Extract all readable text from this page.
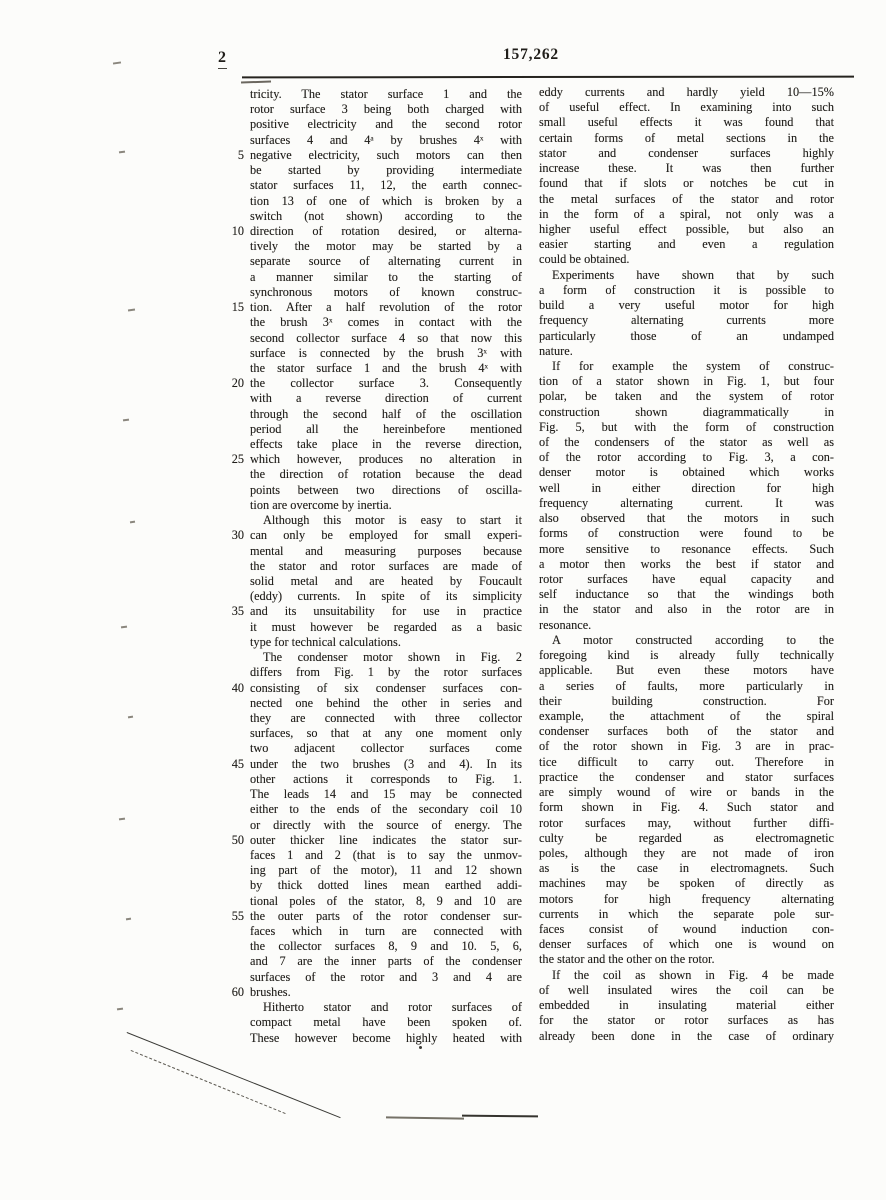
2	157,262
tricity. The stator surface 1 and the
rotor surface 3 being both charged with
positive electricity and the second rotor
surfaces 4 and 4ᵃ by brushes 4ˣ with
5 negative electricity, such motors can then
be started by providing intermediate
stator surfaces 11, 12, the earth connec-
tion 13 of one of which is broken by a
switch (not shown) according to the
10 direction of rotation desired, or alterna-
tively the motor may be started by a
separate source of alternating current in
a manner similar to the starting of
synchronous motors of known construc-
15 tion. After a half revolution of the rotor
the brush 3ˣ comes in contact with the
second collector surface 4 so that now this
surface is connected by the brush 3ˣ with
the stator surface 1 and the brush 4ˣ with
20 the collector surface 3. Consequently
with a reverse direction of current
through the second half of the oscillation
period all the hereinbefore mentioned
effects take place in the reverse direction,
25 which however, produces no alteration in
the direction of rotation because the dead
points between two directions of oscilla-
tion are overcome by inertia.
Although this motor is easy to start it
30 can only be employed for small experi-
mental and measuring purposes because
the stator and rotor surfaces are made of
solid metal and are heated by Foucault
(eddy) currents. In spite of its simplicity
35 and its unsuitability for use in practice
it must however be regarded as a basic
type for technical calculations.
The condenser motor shown in Fig. 2
differs from Fig. 1 by the rotor surfaces
40 consisting of six condenser surfaces con-
nected one behind the other in series and
they are connected with three collector
surfaces, so that at any one moment only
two adjacent collector surfaces come
45 under the two brushes (3 and 4). In its
other actions it corresponds to Fig. 1.
The leads 14 and 15 may be connected
either to the ends of the secondary coil 10
or directly with the source of energy. The
50 outer thicker line indicates the stator sur-
faces 1 and 2 (that is to say the unmov-
ing part of the motor), 11 and 12 shown
by thick dotted lines mean earthed addi-
tional poles of the stator, 8, 9 and 10 are
55 the outer parts of the rotor condenser sur-
faces which in turn are connected with
the collector surfaces 8, 9 and 10. 5, 6,
and 7 are the inner parts of the condenser
surfaces of the rotor and 3 and 4 are
60 brushes.
Hitherto stator and rotor surfaces of
compact metal have been spoken of.
These however become highly heated with
eddy currents and hardly yield 10—15%
of useful effect. In examining into such
small useful effects it was found that
certain forms of metal sections in the
stator and condenser surfaces highly
increase these. It was then further
found that if slots or notches be cut in
the metal surfaces of the stator and rotor
in the form of a spiral, not only was a
higher useful effect possible, but also an
easier starting and even a regulation
could be obtained.
Experiments have shown that by such
a form of construction it is possible to
build a very useful motor for high
frequency alternating currents more
particularly those of an undamped
nature.
If for example the system of construc-
tion of a stator shown in Fig. 1, but four
polar, be taken and the system of rotor
construction shown diagrammatically in
Fig. 5, but with the form of construction
of the condensers of the stator as well as
of the rotor according to Fig. 3, a con-
denser motor is obtained which works
well in either direction for high
frequency alternating current. It was
also observed that the motors in such
forms of construction were found to be
more sensitive to resonance effects. Such
a motor then works the best if stator and
rotor surfaces have equal capacity and
self inductance so that the windings both
in the stator and also in the rotor are in
resonance.
A motor constructed according to the
foregoing kind is already fully technically
applicable. But even these motors have
a series of faults, more particularly in
their building construction. For
example, the attachment of the spiral
condenser surfaces both of the stator and
of the rotor shown in Fig. 3 are in prac-
tice difficult to carry out. Therefore in
practice the condenser and stator surfaces
are simply wound of wire or bands in the
form shown in Fig. 4. Such stator and
rotor surfaces may, without further diffi-
culty be regarded as electromagnetic
poles, although they are not made of iron
as is the case in electromagnets. Such
machines may be spoken of directly as
motors for high frequency alternating
currents in which the separate pole sur-
faces consist of wound induction con-
denser surfaces of which one is wound on
the stator and the other on the rotor.
If the coil as shown in Fig. 4 be made
of well insulated wires the coil can be
embedded in insulating material either
for the stator or rotor surfaces as has
already been done in the case of ordinary
